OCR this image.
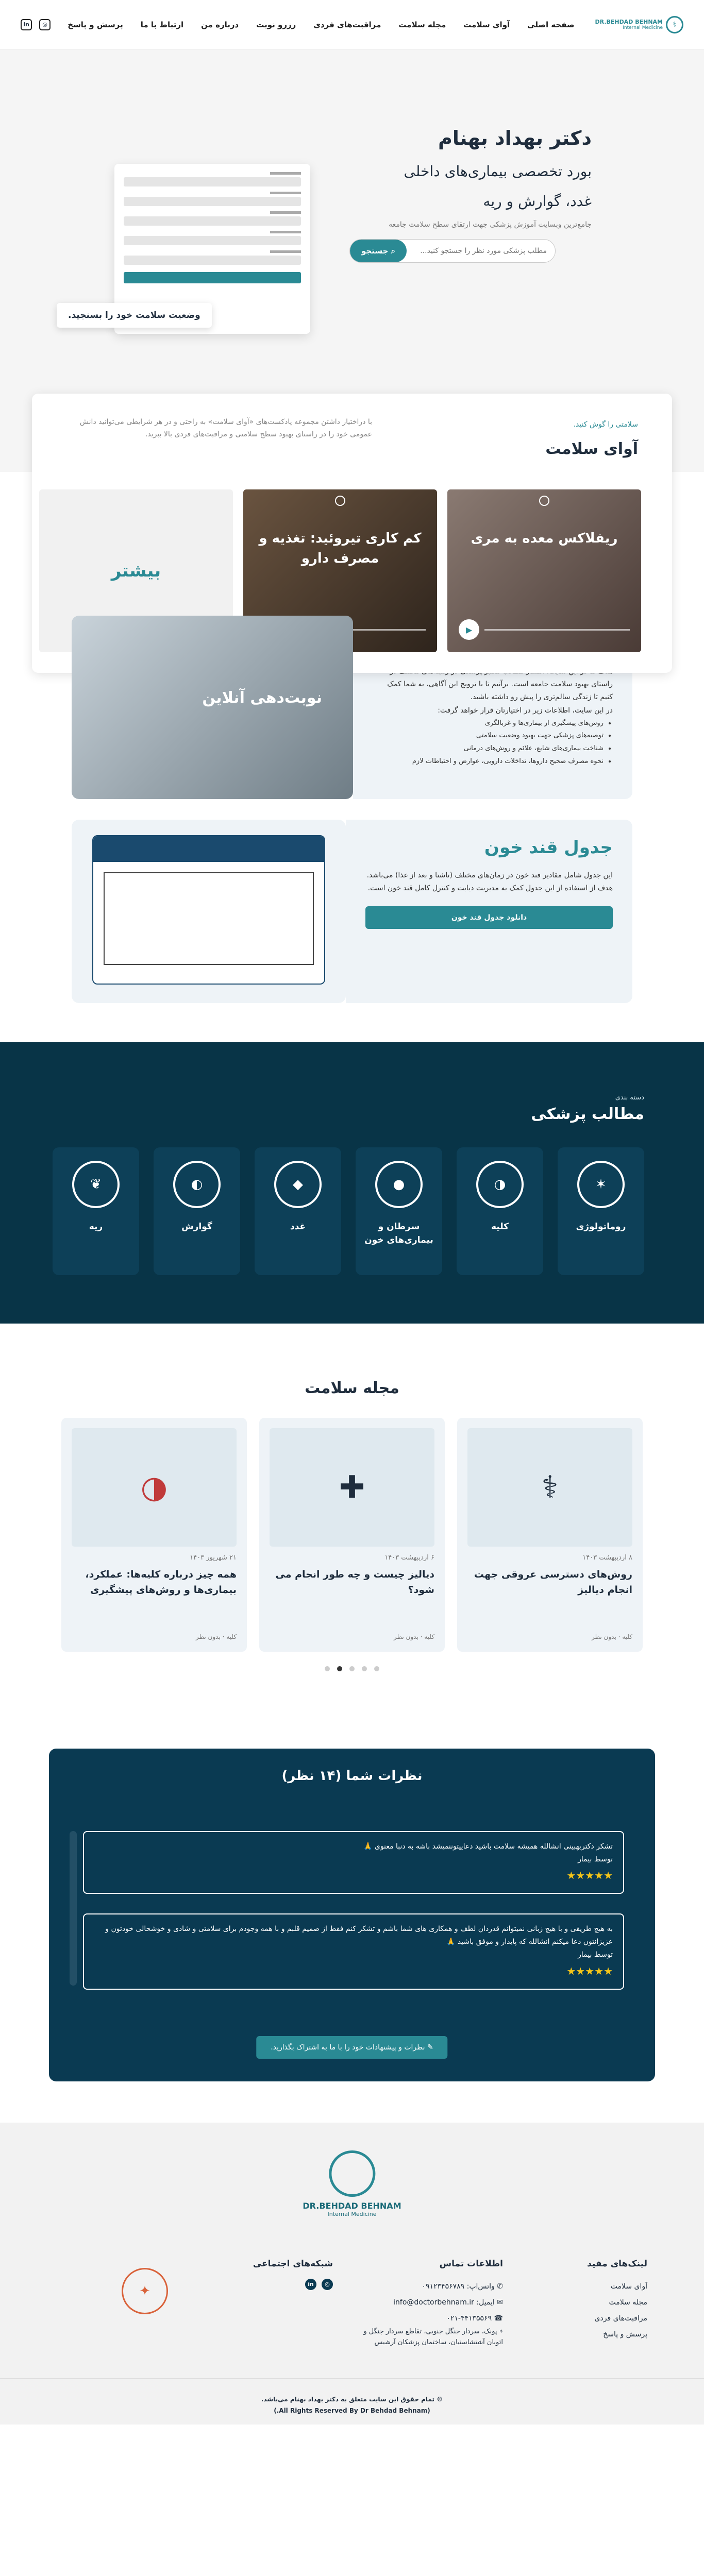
⚕
DR.BEHDAD BEHNAM
Internal Medicine
صفحه اصلی
آوای سلامت
مجله سلامت
مراقبت‌های فردی
رزرو نوبت
درباره من
ارتباط با ما
پرسش و پاسخ
◎
in
دکتر بهداد بهنام
بورد تخصصی بیماری‌های داخلی
غدد، گوارش و ریه

جامع‌ترین وبسایت آموزش پزشکی جهت ارتقای سطح سلامت جامعه

مطلب پزشکی مورد نظر را جستجو کنید...
⌕ جستجو
وضعیت سلامت خود را بسنجید.
سلامتی را گوش کنید.
آوای سلامت
با دراختیار داشتن مجموعه پادکست‌های «آوای سلامت» به راحتی و در هر شرایطی می‌توانید دانش عمومی خود را در راستای بهبود سطح سلامتی و مراقبت‌های فردی بالا ببرید.
ریفلاکس معده به مری
▶
کم کاری تیروئید: تغذیه و مصرف دارو
بیشتر

راستای بهبود سلامت جامعه است. برآنیم تا با ترویج این آگاهی، به شما کمک کنیم تا زندگی سالم‌تری را پیش رو داشته باشید.

در این سایت، اطلاعات زیر در اختیارتان قرار خواهد گرفت:

• روش‌های پیشگیری از بیماری‌ها و غربالگری
• توصیه‌های پزشکی جهت بهبود وضعیت سلامتی
• شناخت بیماری‌های شایع، علائم و روش‌های درمانی
• نحوه مصرف صحیح داروها، تداخلات دارویی، عوارض و احتیاطات لازم
نوبت‌دهی آنلاین
جدول قند خون

این جدول شامل مقادیر قند خون در زمان‌های مختلف (ناشتا و بعد از غذا) می‌باشد. هدف از استفاده از این جدول کمک به مدیریت دیابت و کنترل کامل قند خون است.

دانلود جدول قند خون
دسته بندی
مطالب پزشکی
✶
روماتولوژی
◑
کلیه
●
سرطان و بیماری‌های خون
◆
غدد
◐
گوارش
❦
ریه
مجله سلامت
⚕
۸ اردیبهشت ۱۴۰۳
روش‌های دسترسی عروقی جهت انجام دیالیز
کلیه · بدون نظر
✚
۶ اردیبهشت ۱۴۰۳
دیالیز چیست و چه طور انجام می شود؟
کلیه · بدون نظر
◑
۲۱ شهریور ۱۴۰۳
همه چیز درباره کلیه‌ها: عملکرد، بیماری‌ها و روش‌های پیشگیری
کلیه · بدون نظر
نظرات شما (۱۴ نظر)
تشکر دکتربهبینی انشالله همیشه سلامت باشید دعاییتوننمیشد باشه به دنبا معنوی 🙏
توسط بیمار
★★★★★
به هیچ طریقی و با هیچ زبانی نمیتوانم قدردان لطف و همکاری های شما باشم و تشکر کنم فقط از صمیم قلبم و با همه وجودم برای سلامتی و شادی و خوشحالی خودتون و عزیزانتون دعا میکنم انشالله که پایدار و موفق باشید 🙏
توسط بیمار
★★★★★
✎ نظرات و پیشنهادات خود را با ما به اشتراک بگذارید.
DR.BEHDAD BEHNAM
Internal Medicine
لینک‌های مفید
آوای سلامت
مجله سلامت
مراقبت‌های فردی
پرسش و پاسخ
اطلاعات تماس
✆ واتس‌اپ: ۰۹۱۲۳۴۵۶۷۸۹
✉ ایمیل: info@doctorbehnam.ir
☎ ۰۲۱-۴۴۱۳۵۵۶۹
⌖ پونک، سردار جنگل جنوبی، تقاطع سردار جنگل و اتوبان آشتشاسنیان، ساختمان پزشکان آرشیس
شبکه‌های اجتماعی
◎
in
✦
© تمام حقوق این سایت متعلق به دکتر بهداد بهنام می‌باشد.
(All Rights Reserved By Dr Behdad Behnam.)
